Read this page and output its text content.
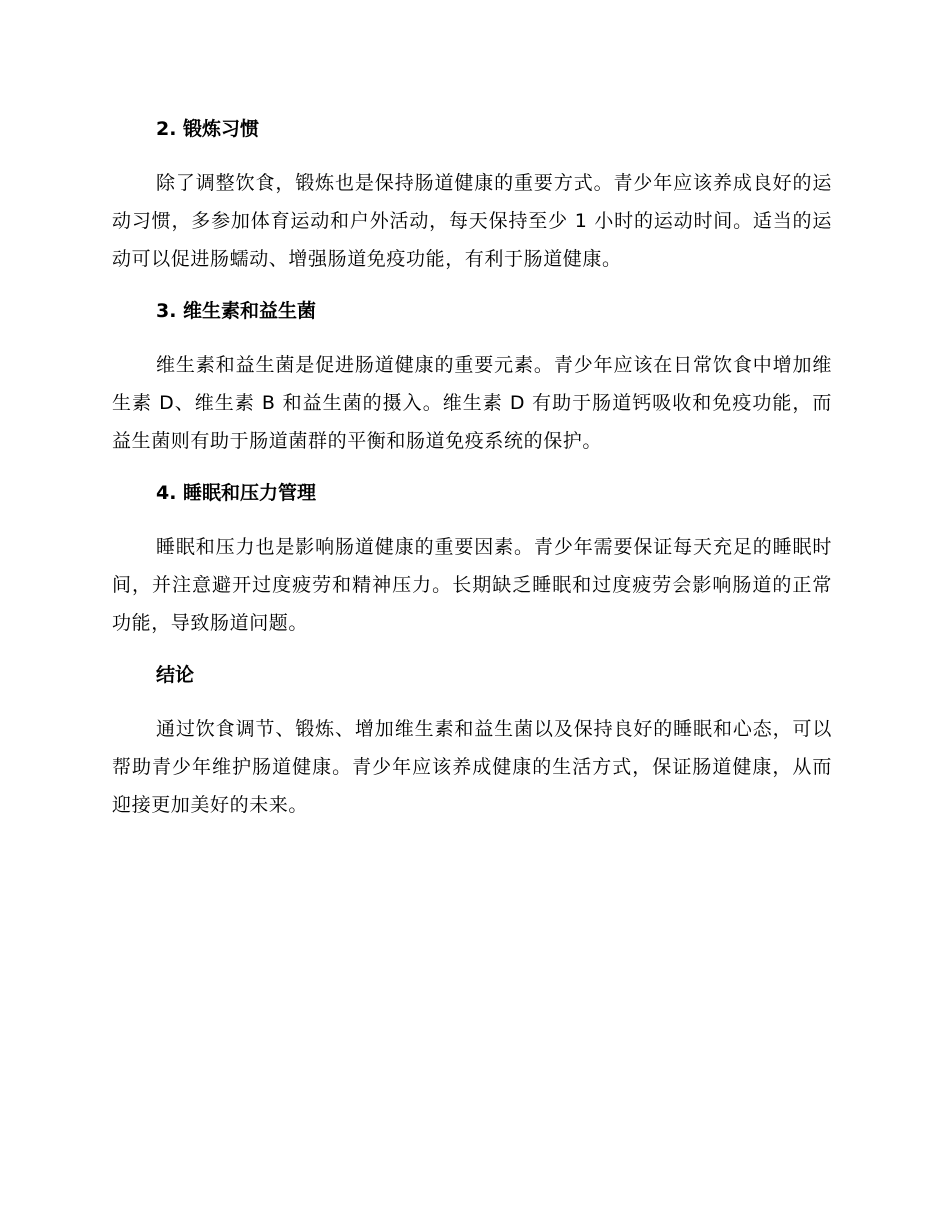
2. 锻炼习惯

除了调整饮食，锻炼也是保持肠道健康的重要方式。青少年应该养成良好的运动习惯，多参加体育运动和户外活动，每天保持至少 1 小时的运动时间。适当的运动可以促进肠蠕动、增强肠道免疫功能，有利于肠道健康。

3. 维生素和益生菌

维生素和益生菌是促进肠道健康的重要元素。青少年应该在日常饮食中增加维生素 D、维生素 B 和益生菌的摄入。维生素 D 有助于肠道钙吸收和免疫功能，而益生菌则有助于肠道菌群的平衡和肠道免疫系统的保护。

4. 睡眠和压力管理

睡眠和压力也是影响肠道健康的重要因素。青少年需要保证每天充足的睡眠时间，并注意避开过度疲劳和精神压力。长期缺乏睡眠和过度疲劳会影响肠道的正常功能，导致肠道问题。

结论

通过饮食调节、锻炼、增加维生素和益生菌以及保持良好的睡眠和心态，可以帮助青少年维护肠道健康。青少年应该养成健康的生活方式，保证肠道健康，从而迎接更加美好的未来。
